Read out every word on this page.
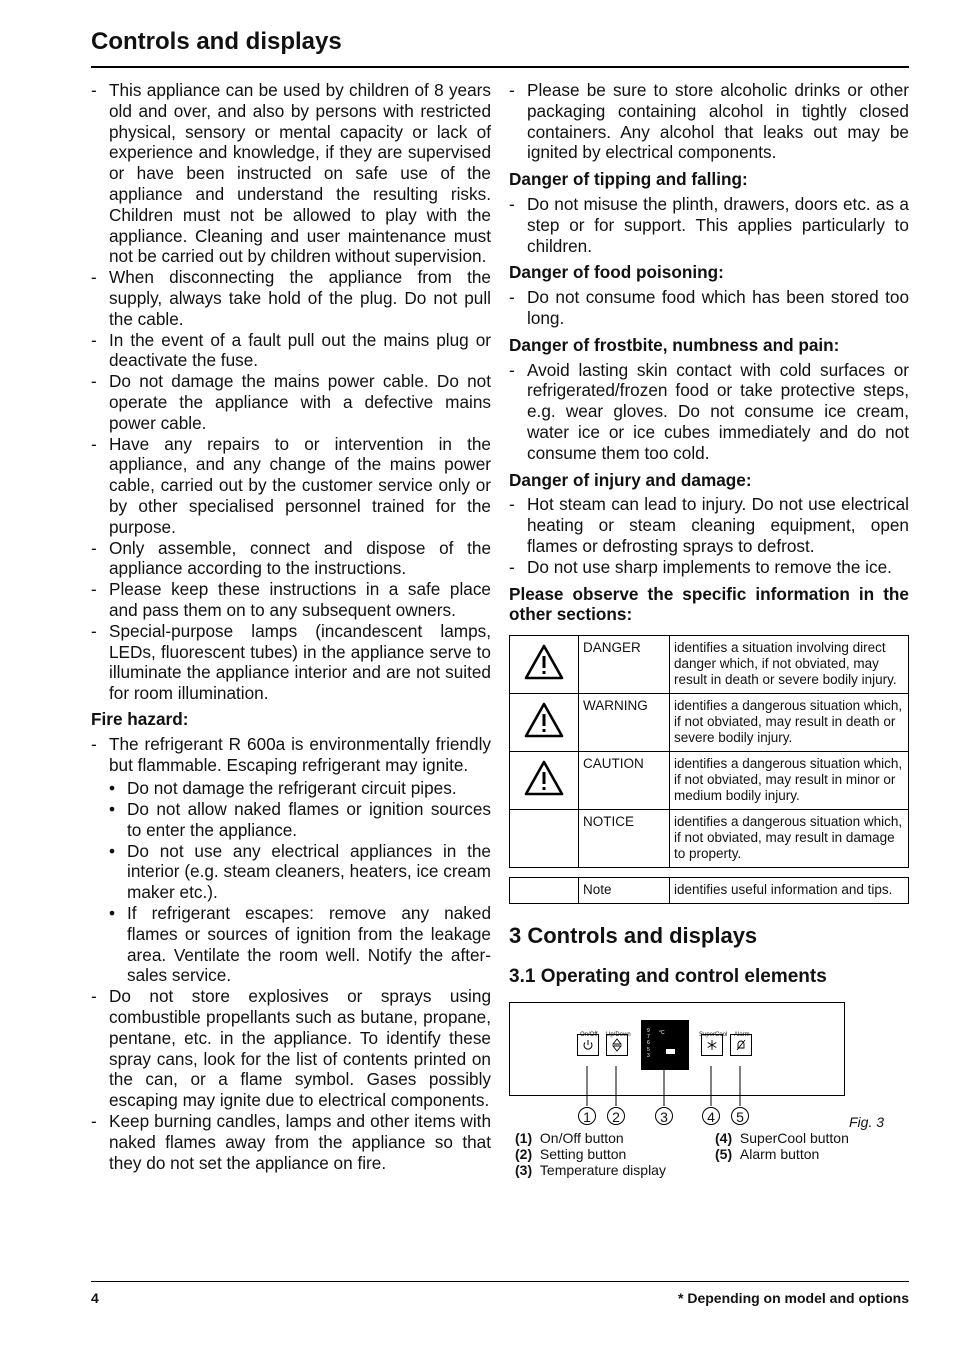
Controls and displays

- This appliance can be used by children of 8 years old and over, and also by persons with restricted physical, sensory or mental capacity or lack of experience and knowledge, if they are supervised or have been instructed on safe use of the appliance and understand the resulting risks. Children must not be allowed to play with the appliance. Cleaning and user maintenance must not be carried out by children without supervision.

- When disconnecting the appliance from the supply, always take hold of the plug. Do not pull the cable.

- In the event of a fault pull out the mains plug or deactivate the fuse.

- Do not damage the mains power cable. Do not operate the appliance with a defective mains power cable.

- Have any repairs to or intervention in the appliance, and any change of the mains power cable, carried out by the customer service only or by other specialised personnel trained for the purpose.

- Only assemble, connect and dispose of the appliance according to the instructions.

- Please keep these instructions in a safe place and pass them on to any subsequent owners.

- Special-purpose lamps (incandescent lamps, LEDs, fluorescent tubes) in the appliance serve to illuminate the appliance interior and are not suited for room illumination.

Fire hazard:

- The refrigerant R 600a is environmentally friendly but flammable. Escaping refrigerant may ignite.

• Do not damage the refrigerant circuit pipes.

• Do not allow naked flames or ignition sources to enter the appliance.

• Do not use any electrical appliances in the interior (e.g. steam cleaners, heaters, ice cream maker etc.).

• If refrigerant escapes: remove any naked flames or sources of ignition from the leakage area. Ventilate the room well. Notify the after-sales service.

- Do not store explosives or sprays using combustible propellants such as butane, propane, pentane, etc. in the appliance. To identify these spray cans, look for the list of contents printed on the can, or a flame symbol. Gases possibly escaping may ignite due to electrical components.

- Keep burning candles, lamps and other items with naked flames away from the appliance so that they do not set the appliance on fire.

- Please be sure to store alcoholic drinks or other packaging containing alcohol in tightly closed containers. Any alcohol that leaks out may be ignited by electrical components.

Danger of tipping and falling:

- Do not misuse the plinth, drawers, doors etc. as a step or for support. This applies particularly to children.

Danger of food poisoning:

- Do not consume food which has been stored too long.

Danger of frostbite, numbness and pain:

- Avoid lasting skin contact with cold surfaces or refrigerated/frozen food or take protective steps, e.g. wear gloves. Do not consume ice cream, water ice or ice cubes immediately and do not consume them too cold.

Danger of injury and damage:

- Hot steam can lead to injury. Do not use electrical heating or steam cleaning equipment, open flames or defrosting sprays to defrost.

- Do not use sharp implements to remove the ice.

Please observe the specific information in the other sections:

	DANGER	identifies a situation involving direct danger which, if not obviated, may result in death or severe bodily injury.
	WARNING	identifies a dangerous situation which, if not obviated, may result in death or severe bodily injury.
	CAUTION	identifies a dangerous situation which, if not obviated, may result in minor or medium bodily injury.
	NOTICE	identifies a dangerous situation which, if not obviated, may result in damage to property.
	Note	identifies useful information and tips.
3 Controls and displays
3.1 Operating and control elements
On/Off Up/Down	SuperCool Alarm
°C
9 7 6 5 3
1 2	3	4 5	Fig. 3
(1) On/Off button
(2) Setting button
(3) Temperature display
(4) SuperCool button
(5) Alarm button
4	* Depending on model and options
